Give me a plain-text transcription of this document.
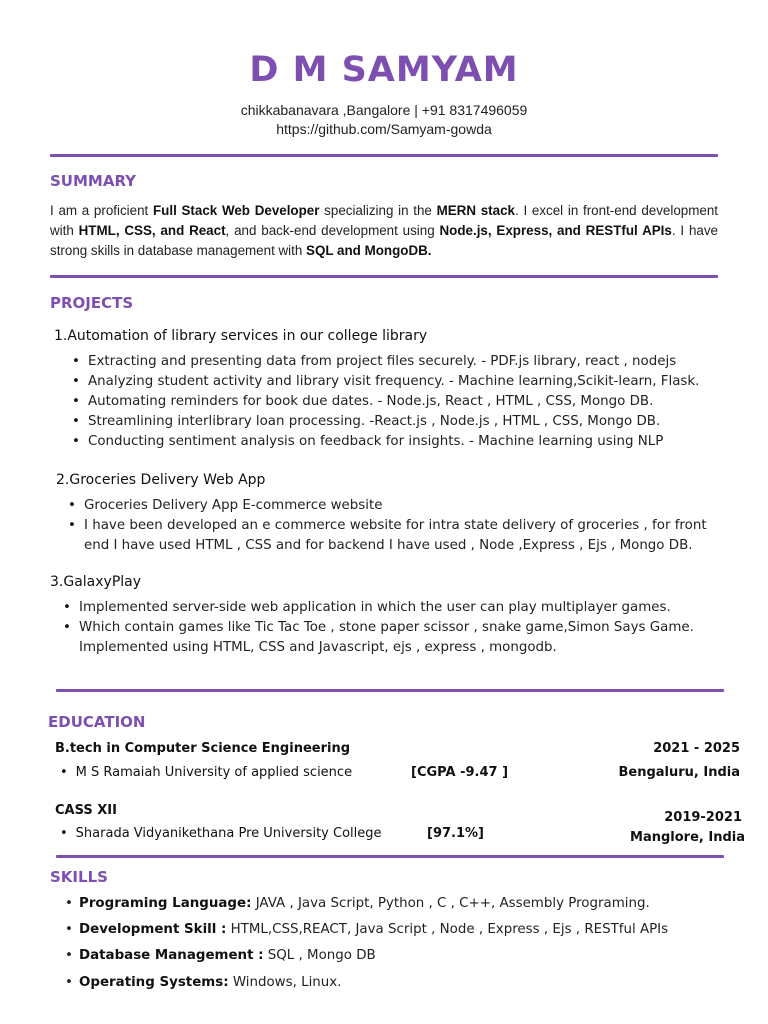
D M SAMYAM
chikkabanavara ,Bangalore | +91 8317496059
https://github.com/Samyam-gowda
SUMMARY
I am a proficient Full Stack Web Developer specializing in the MERN stack. I excel in front-end development with HTML, CSS, and React, and back-end development using Node.js, Express, and RESTful APIs. I have strong skills in database management with SQL and MongoDB.
PROJECTS
1.Automation of library services in our college library
• Extracting and presenting data from project files securely. - PDF.js library, react , nodejs
• Analyzing student activity and library visit frequency. - Machine learning,Scikit-learn, Flask.
• Automating reminders for book due dates. - Node.js, React , HTML , CSS, Mongo DB.
• Streamlining interlibrary loan processing. -React.js , Node.js , HTML , CSS, Mongo DB.
• Conducting sentiment analysis on feedback for insights. - Machine learning using NLP
2.Groceries Delivery Web App
• Groceries Delivery App E-commerce website
• I have been developed an e commerce website for intra state delivery of groceries , for front end I have used HTML , CSS and for backend I have used , Node ,Express , Ejs , Mongo DB.
3.GalaxyPlay
• Implemented server-side web application in which the user can play multiplayer games.
• Which contain games like Tic Tac Toe , stone paper scissor , snake game,Simon Says Game. Implemented using HTML, CSS and Javascript, ejs , express , mongodb.
EDUCATION
B.tech in Computer Science Engineering	2021 - 2025
• M S Ramaiah University of applied science	[CGPA -9.47 ]	Bengaluru, India
CASS XII	2019-2021
• Sharada Vidyanikethana Pre University College	[97.1%]	Manglore, India
SKILLS
• Programing Language: JAVA , Java Script, Python , C , C++, Assembly Programing.
• Development Skill : HTML,CSS,REACT, Java Script , Node , Express , Ejs , RESTful APIs
• Database Management : SQL , Mongo DB
• Operating Systems: Windows, Linux.
